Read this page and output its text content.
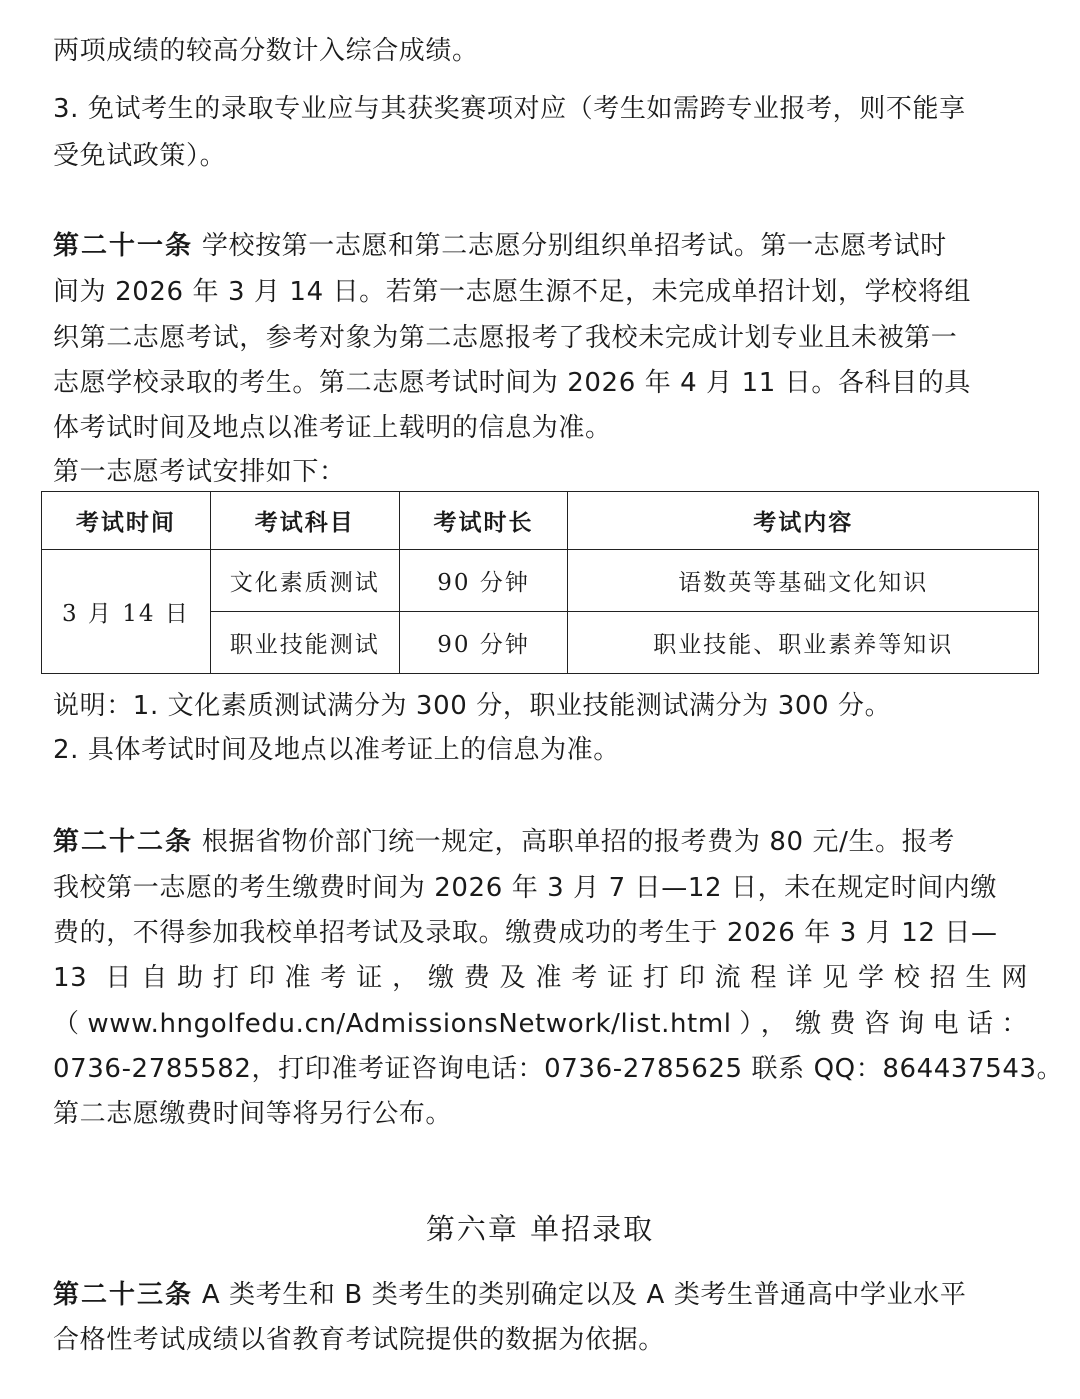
两项成绩的较高分数计入综合成绩。
3. 免试考生的录取专业应与其获奖赛项对应（考生如需跨专业报考，则不能享
受免试政策）。
第二十一条 学校按第一志愿和第二志愿分别组织单招考试。第一志愿考试时
间为 2026 年 3 月 14 日。若第一志愿生源不足，未完成单招计划，学校将组
织第二志愿考试，参考对象为第二志愿报考了我校未完成计划专业且未被第一
志愿学校录取的考生。第二志愿考试时间为 2026 年 4 月 11 日。各科目的具
体考试时间及地点以准考证上载明的信息为准。
第一志愿考试安排如下：
考试时间	考试科目	考试时长	考试内容
3 月 14 日	文化素质测试	90 分钟	语数英等基础文化知识
	职业技能测试	90 分钟	职业技能、职业素养等知识
说明：1. 文化素质测试满分为 300 分，职业技能测试满分为 300 分。
2. 具体考试时间及地点以准考证上的信息为准。
第二十二条 根据省物价部门统一规定，高职单招的报考费为 80 元/生。报考
我校第一志愿的考生缴费时间为 2026 年 3 月 7 日—12 日，未在规定时间内缴
费的，不得参加我校单招考试及录取。缴费成功的考生于 2026 年 3 月 12 日—
13 日自助打印准考证，缴费及准考证打印流程详见学校招生网
（www.hngolfedu.cn/AdmissionsNetwork/list.html），缴费咨询电话：
0736-2785582，打印准考证咨询电话：0736-2785625 联系 QQ：864437543。
第二志愿缴费时间等将另行公布。
第六章 单招录取
第二十三条 A 类考生和 B 类考生的类别确定以及 A 类考生普通高中学业水平
合格性考试成绩以省教育考试院提供的数据为依据。
